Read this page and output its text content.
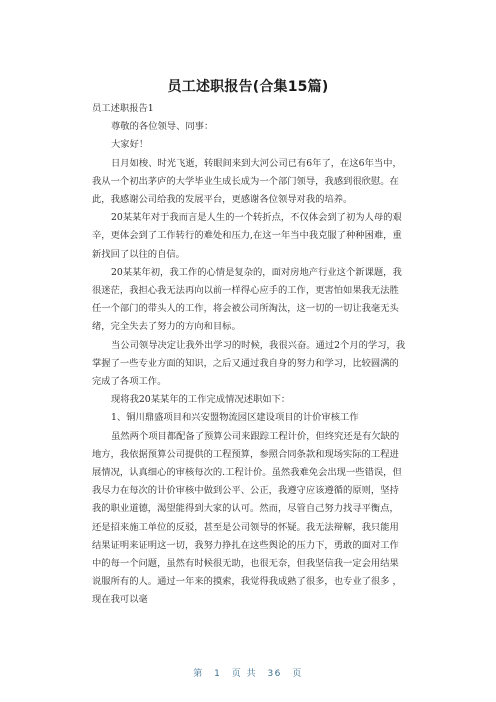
员工述职报告(合集15篇)

员工述职报告1

尊敬的各位领导、同事：

大家好！

日月如梭、时光飞逝，转眼间来到大河公司已有6年了，在这6年当中，我从一个初出茅庐的大学毕业生成长成为一个部门领导，我感到很欣慰。在此，我感谢公司给我的发展平台，更感谢各位领导对我的培养。

20某某年对于我而言是人生的一个转折点，不仅体会到了初为人母的艰辛，更体会到了工作转行的难处和压力,在这一年当中我克服了种种困难，重新找回了以往的自信。

20某某年初，我工作的心情是复杂的，面对房地产行业这个新课题，我很迷茫，我担心我无法再向以前一样得心应手的工作，更害怕如果我无法胜任一个部门的带头人的工作，将会被公司所淘汰，这一切的一切让我毫无头绪，完全失去了努力的方向和目标。

当公司领导决定让我外出学习的时候，我很兴奋。通过2个月的学习，我掌握了一些专业方面的知识，之后又通过我自身的努力和学习，比较圆满的完成了各项工作。

现将我20某某年的工作完成情况述职如下：

1、铜川鼎盛项目和兴安盟物流园区建设项目的计价审核工作

虽然两个项目都配备了预算公司来跟踪工程计价，但终究还是有欠缺的地方，我依据预算公司提供的工程预算，参照合同条款和现场实际的工程进展情况，认真细心的审核每次的.工程计价。虽然我难免会出现一些错误，但我尽力在每次的计价审核中做到公平、公正，我遵守应该遵循的原则，坚持我的职业道德，渴望能得到大家的认可。然而，尽管自己努力找寻平衡点，还是招来施工单位的反驳，甚至是公司领导的怀疑。我无法辩解，我只能用结果证明来证明这一切，我努力挣扎在这些舆论的压力下，勇敢的面对工作中的每一个问题，虽然有时候很无助，也很无奈，但我坚信我一定会用结果说服所有的人。通过一年来的摸索，我觉得我成熟了很多，也专业了很多 ，现在我可以毫

第 1 页 共 36 页
